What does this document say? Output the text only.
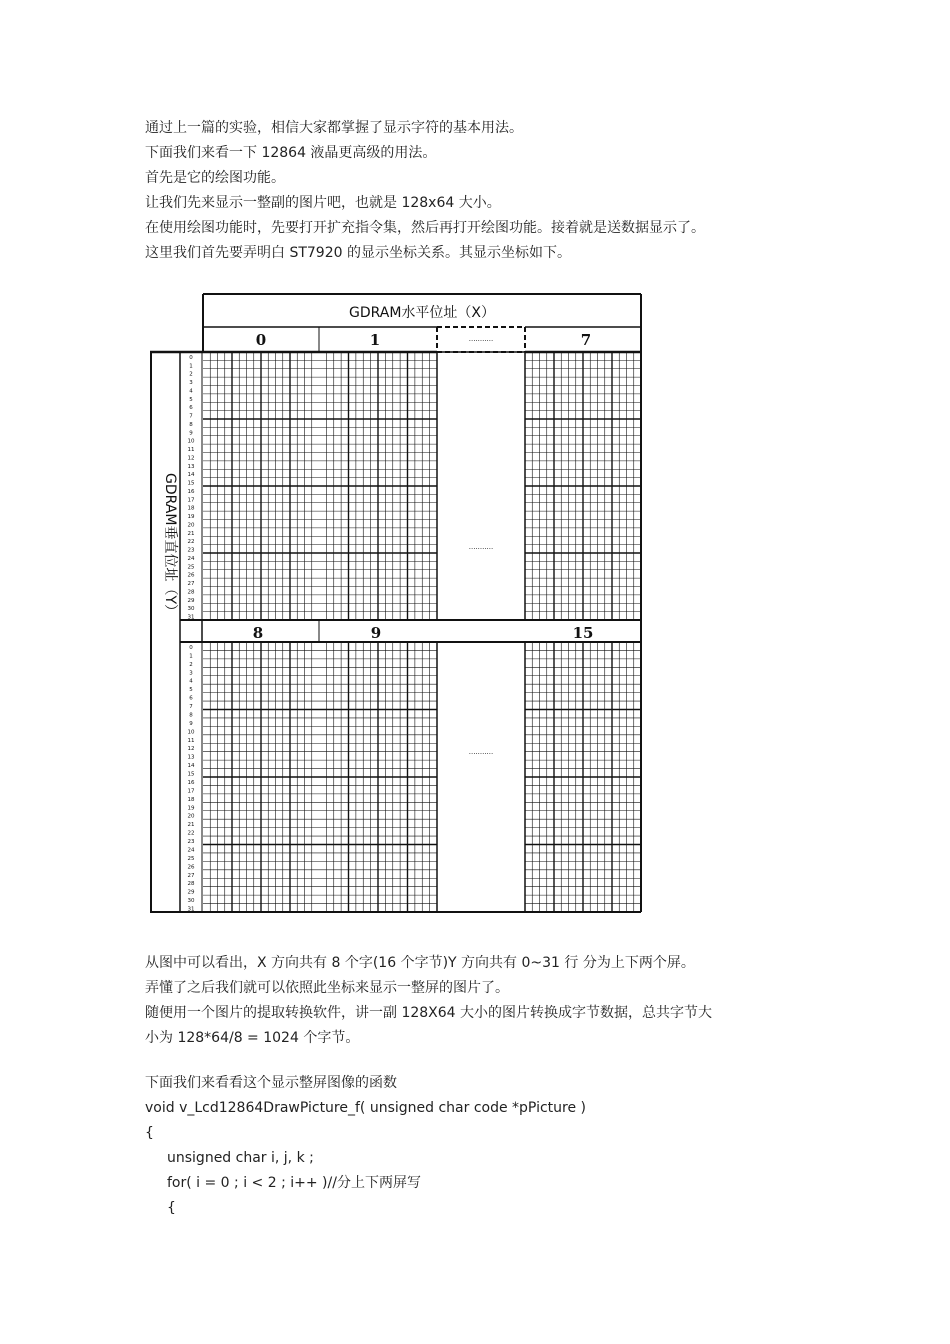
通过上一篇的实验，相信大家都掌握了显示字符的基本用法。
下面我们来看一下 12864 液晶更高级的用法。
首先是它的绘图功能。
让我们先来显示一整副的图片吧，也就是 128x64 大小。
在使用绘图功能时，先要打开扩充指令集，然后再打开绘图功能。接着就是送数据显示了。
这里我们首先要弄明白 ST7920 的显示坐标关系。其显示坐标如下。
GDRAM水平位址（X）
0	1	···········	7
8	9	15
···········
···········
GDRAM垂直位址（Y）
0
1
2
3
4
5
6
7
8
9
10
11
12
13
14
15
16
17
18
19
20
21
22
23
24
25
26
27
28
29
30
31
0
1
2
3
4
5
6
7
8
9
10
11
12
13
14
15
16
17
18
19
20
21
22
23
24
25
26
27
28
29
30
31
从图中可以看出，X 方向共有 8 个字(16 个字节)Y 方向共有 0~31 行 分为上下两个屏。
弄懂了之后我们就可以依照此坐标来显示一整屏的图片了。
随便用一个图片的提取转换软件，讲一副 128X64 大小的图片转换成字节数据，总共字节大
小为 128*64/8 = 1024 个字节。
下面我们来看看这个显示整屏图像的函数
void v_Lcd12864DrawPicture_f( unsigned char code *pPicture )
{
unsigned char i, j, k ;
for( i = 0 ; i < 2 ; i++ )//分上下两屏写
{
